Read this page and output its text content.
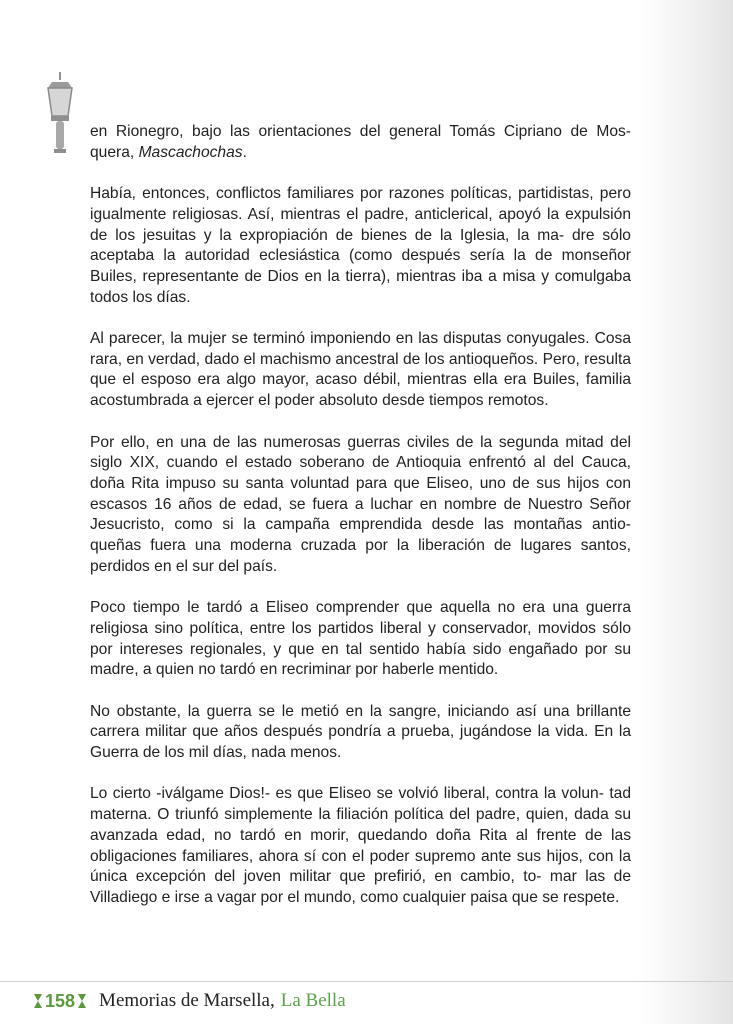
en Rionegro, bajo las orientaciones del general Tomás Cipriano de Mos- quera, Mascachochas.

Había, entonces, conflictos familiares por razones políticas, partidistas, pero igualmente religiosas. Así, mientras el padre, anticlerical, apoyó la expulsión de los jesuitas y la expropiación de bienes de la Iglesia, la ma- dre sólo aceptaba la autoridad eclesiástica (como después sería la de monseñor Builes, representante de Dios en la tierra), mientras iba a misa y comulgaba todos los días.

Al parecer, la mujer se terminó imponiendo en las disputas conyugales. Cosa rara, en verdad, dado el machismo ancestral de los antioqueños. Pero, resulta que el esposo era algo mayor, acaso débil, mientras ella era Builes, familia acostumbrada a ejercer el poder absoluto desde tiempos remotos.

Por ello, en una de las numerosas guerras civiles de la segunda mitad del siglo XIX, cuando el estado soberano de Antioquia enfrentó al del Cauca, doña Rita impuso su santa voluntad para que Eliseo, uno de sus hijos con escasos 16 años de edad, se fuera a luchar en nombre de Nuestro Señor Jesucristo, como si la campaña emprendida desde las montañas antio- queñas fuera una moderna cruzada por la liberación de lugares santos, perdidos en el sur del país.

Poco tiempo le tardó a Eliseo comprender que aquella no era una guerra religiosa sino política, entre los partidos liberal y conservador, movidos sólo por intereses regionales, y que en tal sentido había sido engañado por su madre, a quien no tardó en recriminar por haberle mentido.

No obstante, la guerra se le metió en la sangre, iniciando así una brillante carrera militar que años después pondría a prueba, jugándose la vida. En la Guerra de los mil días, nada menos.

Lo cierto -iválgame Dios!- es que Eliseo se volvió liberal, contra la volun- tad materna. O triunfó simplemente la filiación política del padre, quien, dada su avanzada edad, no tardó en morir, quedando doña Rita al frente de las obligaciones familiares, ahora sí con el poder supremo ante sus hijos, con la única excepción del joven militar que prefirió, en cambio, to- mar las de Villadiego e irse a vagar por el mundo, como cualquier paisa que se respete.

158 Memorias de Marsella, La Bella
